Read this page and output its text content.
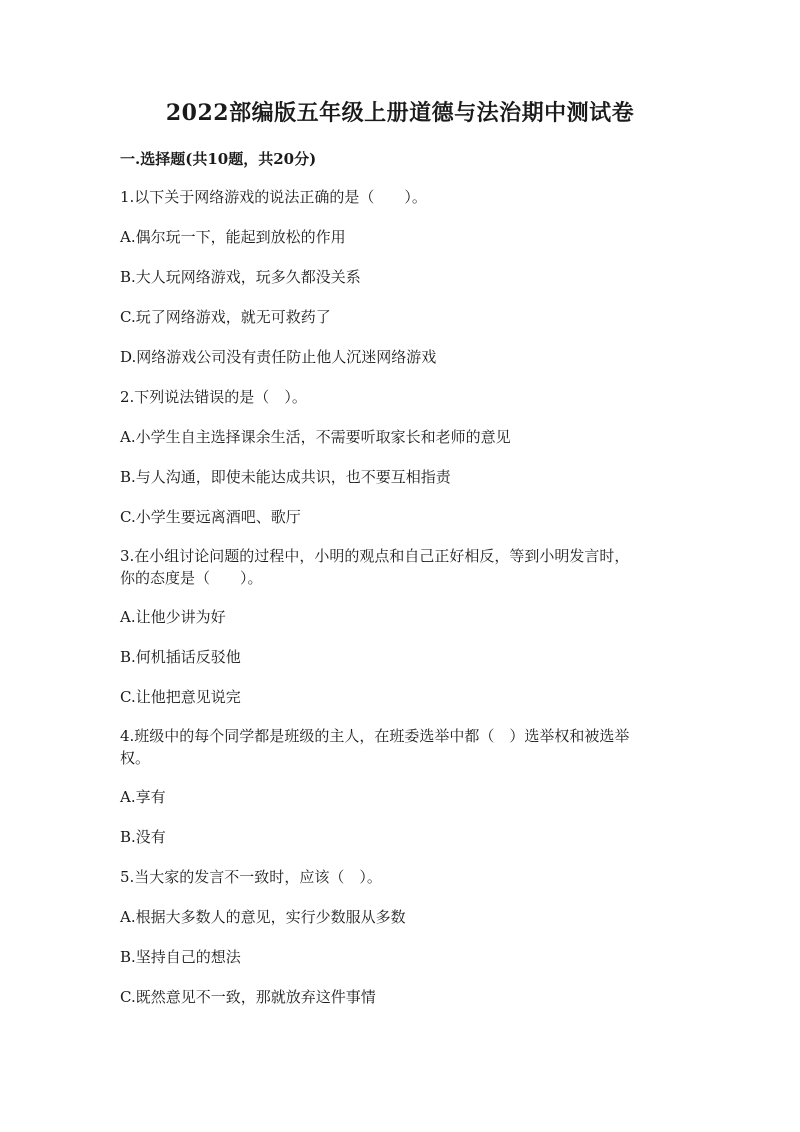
2022部编版五年级上册道德与法治期中测试卷
一.选择题(共10题，共20分)
1.以下关于网络游戏的说法正确的是（　　）。
A.偶尔玩一下，能起到放松的作用
B.大人玩网络游戏，玩多久都没关系
C.玩了网络游戏，就无可救药了
D.网络游戏公司没有责任防止他人沉迷网络游戏
2.下列说法错误的是（　）。
A.小学生自主选择课余生活，不需要听取家长和老师的意见
B.与人沟通，即使未能达成共识，也不要互相指责
C.小学生要远离酒吧、歌厅
3.在小组讨论问题的过程中，小明的观点和自己正好相反，等到小明发言时，
你的态度是（　　）。
A.让他少讲为好
B.何机插话反驳他
C.让他把意见说完
4.班级中的每个同学都是班级的主人，在班委选举中都（　）选举权和被选举
权。
A.享有
B.没有
5.当大家的发言不一致时，应该（　）。
A.根据大多数人的意见，实行少数服从多数
B.坚持自己的想法
C.既然意见不一致，那就放弃这件事情
